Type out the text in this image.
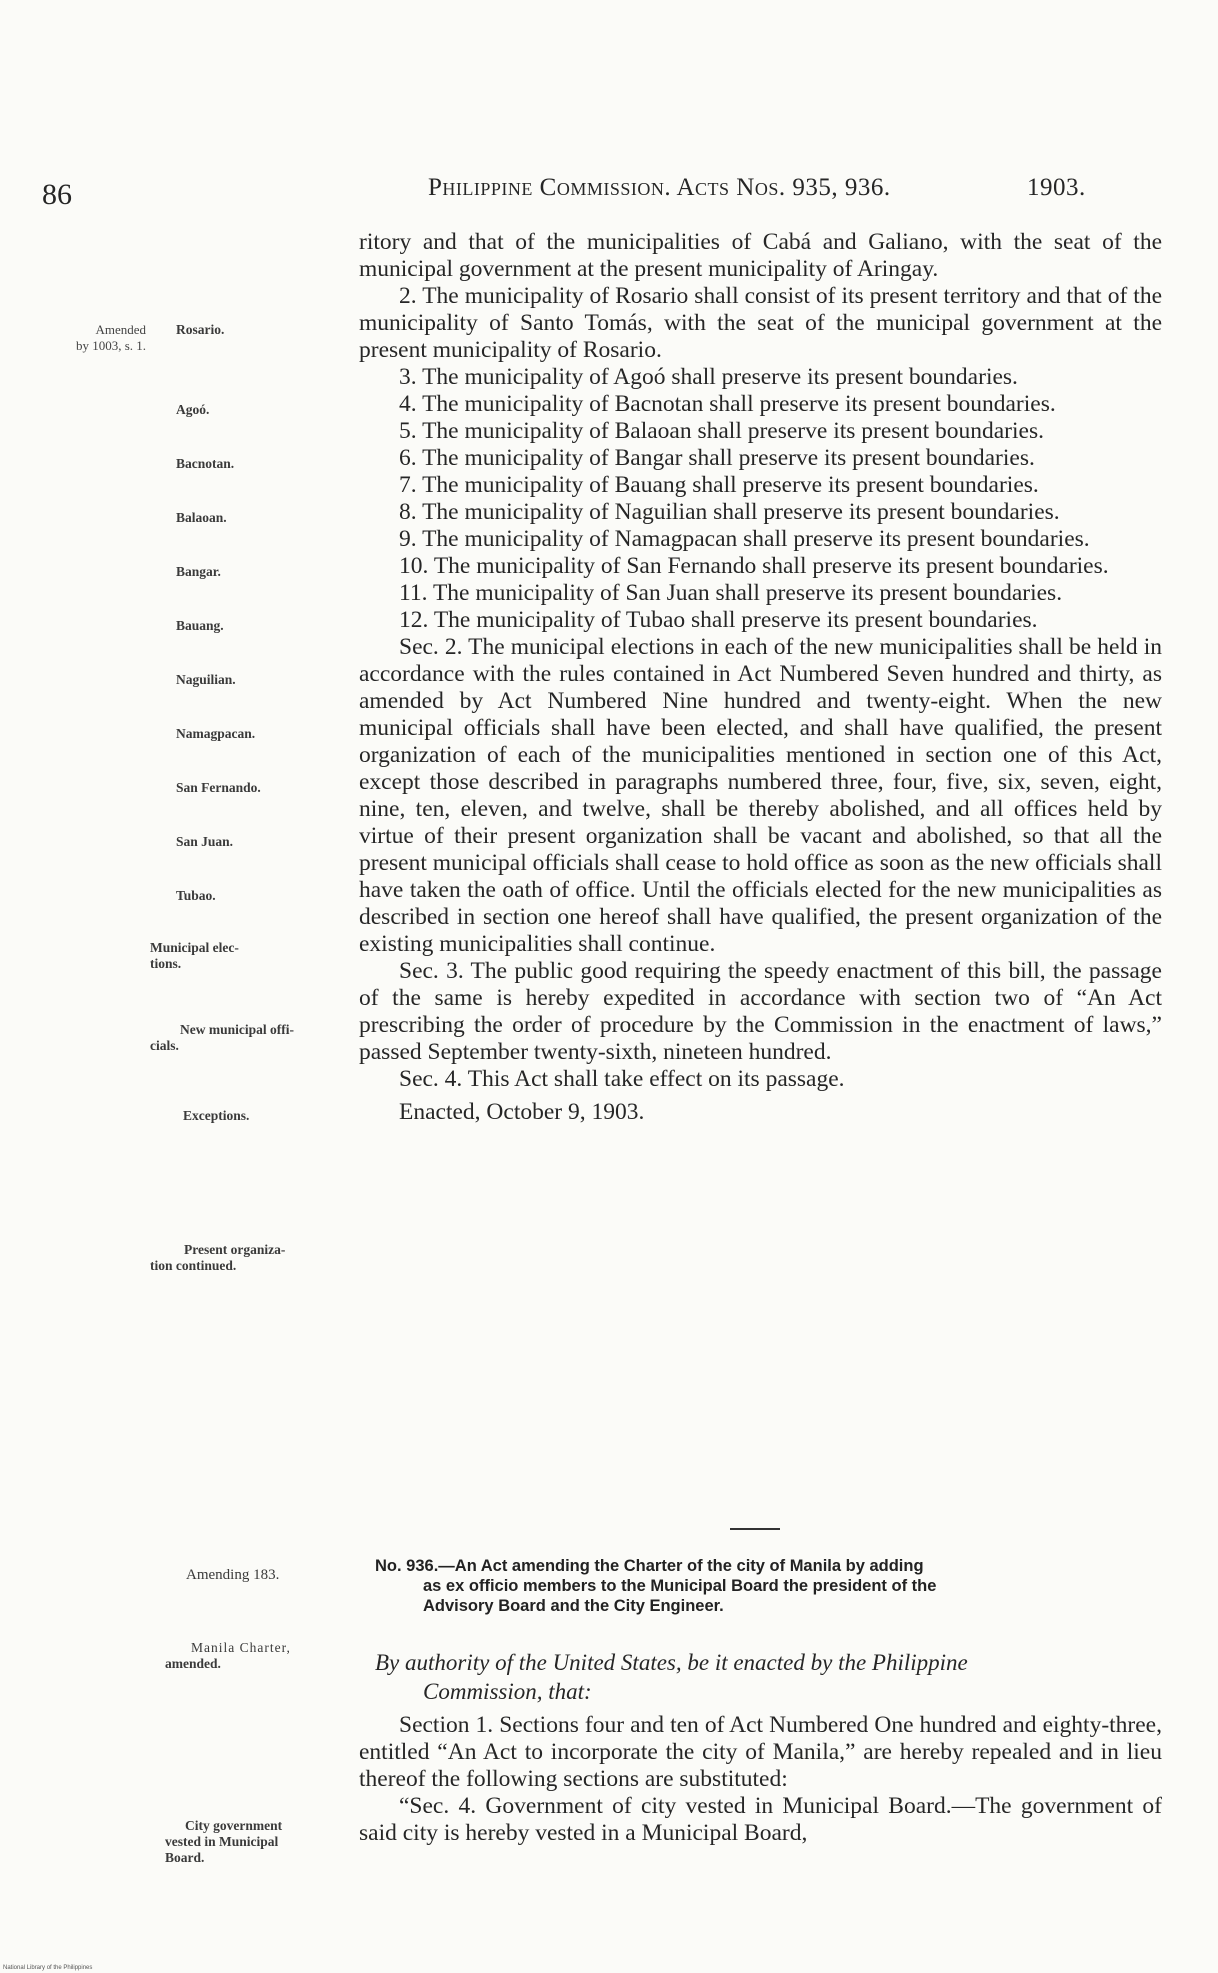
86	Philippine Commission. Acts Nos. 935, 936.	1903.
Amended
by 1003, s. 1.
Rosario.
Agoó.
Bacnotan.
Balaoan.
Bangar.
Bauang.
Naguilian.
Namagpacan.
San Fernando.
San Juan.
Tubao.
Municipal elec-
tions.
New municipal offi-
cials.
Exceptions.
Present organiza-
tion continued.
Amending 183.
Manila Charter,
amended.
City government
vested in Municipal
Board.

ritory and that of the municipalities of Cabá and Galiano, with the seat of the municipal government at the present municipality of Aringay.

2. The municipality of Rosario shall consist of its present territory and that of the municipality of Santo Tomás, with the seat of the municipal government at the present municipality of Rosario.

3. The municipality of Agoó shall preserve its present boundaries.

4. The municipality of Bacnotan shall preserve its present boundaries.

5. The municipality of Balaoan shall preserve its present boundaries.

6. The municipality of Bangar shall preserve its present boundaries.

7. The municipality of Bauang shall preserve its present boundaries.

8. The municipality of Naguilian shall preserve its present boundaries.

9. The municipality of Namagpacan shall preserve its present boundaries.

10. The municipality of San Fernando shall preserve its present boundaries.

11. The municipality of San Juan shall preserve its present boundaries.

12. The municipality of Tubao shall preserve its present boundaries.

Sec. 2. The municipal elections in each of the new municipalities shall be held in accordance with the rules contained in Act Numbered Seven hundred and thirty, as amended by Act Numbered Nine hundred and twenty-eight. When the new municipal officials shall have been elected, and shall have qualified, the present organization of each of the municipalities mentioned in section one of this Act, except those described in paragraphs numbered three, four, five, six, seven, eight, nine, ten, eleven, and twelve, shall be thereby abolished, and all offices held by virtue of their present organization shall be vacant and abolished, so that all the present municipal officials shall cease to hold office as soon as the new officials shall have taken the oath of office. Until the officials elected for the new municipalities as described in section one hereof shall have qualified, the present organization of the existing municipalities shall continue.

Sec. 3. The public good requiring the speedy enactment of this bill, the passage of the same is hereby expedited in accordance with section two of “An Act prescribing the order of procedure by the Commission in the enactment of laws,” passed September twenty-sixth, nineteen hundred.

Sec. 4. This Act shall take effect on its passage.

Enacted, October 9, 1903.

No. 936.—An Act amending the Charter of the city of Manila by adding
as ex officio members to the Municipal Board the president of the
Advisory Board and the City Engineer.
By authority of the United States, be it enacted by the Philippine
Commission, that:

Section 1. Sections four and ten of Act Numbered One hundred and eighty-three, entitled “An Act to incorporate the city of Manila,” are hereby repealed and in lieu thereof the following sections are substituted:

“Sec. 4. Government of city vested in Municipal Board.—The government of said city is hereby vested in a Municipal Board,

National Library of the Philippines
